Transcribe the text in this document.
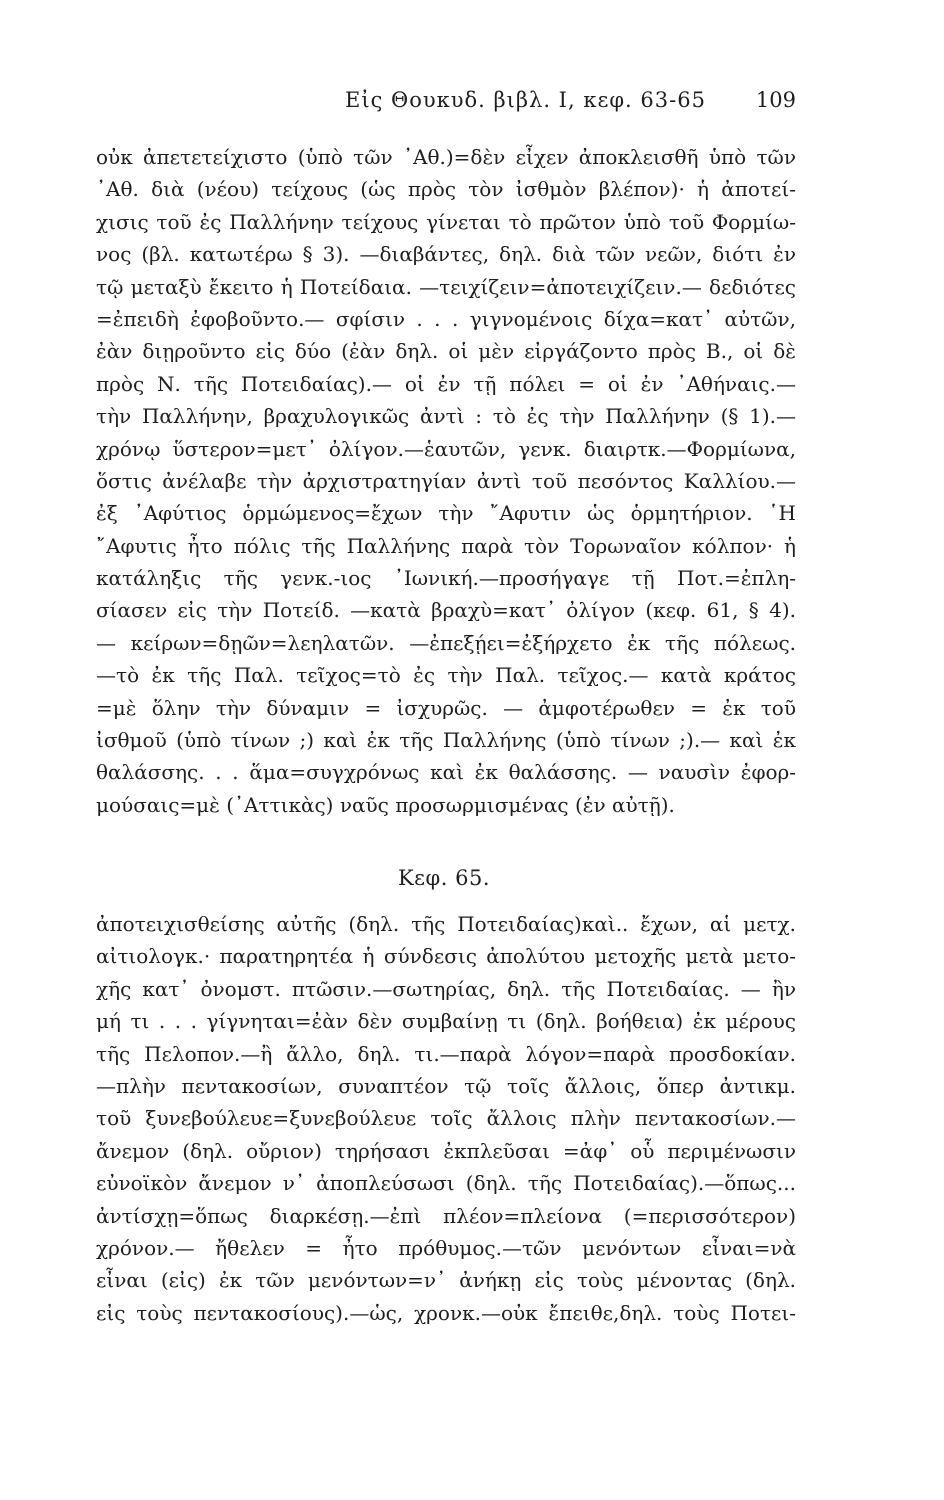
Εἰς Θουκυδ. βιβλ. Ι, κεφ. 63-65 109
οὐκ ἀπετετείχιστο (ὑπὸ τῶν ᾿Αθ.)=δὲν εἶχεν ἀποκλεισθῆ ὑπὸ τῶν
᾿Αθ. διὰ (νέου) τείχους (ὡς πρὸς τὸν ἰσθμὸν βλέπον)· ἡ ἀποτεί-
χισις τοῦ ἐς Παλλήνην τείχους γίνεται τὸ πρῶτον ὑπὸ τοῦ Φορμίω-
νος (βλ. κατωτέρω § 3). —διαβάντες, δηλ. διὰ τῶν νεῶν, διότι ἐν
τῷ μεταξὺ ἔκειτο ἡ Ποτείδαια. —τειχίζειν=ἀποτειχίζειν.— δεδιότες
=ἐπειδὴ ἐφοβοῦντο.— σφίσιν . . . γιγνομένοις δίχα=κατ᾿ αὐτῶν,
ἐὰν διῃροῦντο εἰς δύο (ἐὰν δηλ. οἱ μὲν εἰργάζοντο πρὸς Β., οἱ δὲ
πρὸς Ν. τῆς Ποτειδαίας).— οἱ ἐν τῇ πόλει = οἱ ἐν ᾿Αθήναις.—
τὴν Παλλήνην, βραχυλογικῶς ἀντὶ : τὸ ἐς τὴν Παλλήνην (§ 1).—
χρόνῳ ὕστερον=μετ᾿ ὀλίγον.—ἑαυτῶν, γενκ. διαιρτκ.—Φορμίωνα,
ὅστις ἀνέλαβε τὴν ἀρχιστρατηγίαν ἀντὶ τοῦ πεσόντος Καλλίου.—
ἐξ ᾿Αφύτιος ὁρμώμενος=ἔχων τὴν ῎Αφυτιν ὡς ὁρμητήριον. ῾Η
῎Αφυτις ἦτο πόλις τῆς Παλλήνης παρὰ τὸν Τορωναῖον κόλπον· ἡ
κατάληξις τῆς γενκ.-ιος ᾿Ιωνική.—προσήγαγε τῇ Ποτ.=ἐπλη-
σίασεν εἰς τὴν Ποτείδ. —κατὰ βραχὺ=κατ᾿ ὀλίγον (κεφ. 61, § 4).
— κείρων=δῃῶν=λεηλατῶν. —ἐπεξῄει=ἐξήρχετο ἐκ τῆς πόλεως.
—τὸ ἐκ τῆς Παλ. τεῖχος=τὸ ἐς τὴν Παλ. τεῖχος.— κατὰ κράτος
=μὲ ὅλην τὴν δύναμιν = ἰσχυρῶς. — ἀμφοτέρωθεν = ἐκ τοῦ
ἰσθμοῦ (ὑπὸ τίνων ;) καὶ ἐκ τῆς Παλλήνης (ὑπὸ τίνων ;).— καὶ ἐκ
θαλάσσης. . . ἅμα=συγχρόνως καὶ ἐκ θαλάσσης. — ναυσὶν ἐφορ-
μούσαις=μὲ (᾿Αττικὰς) ναῦς προσωρμισμένας (ἐν αὐτῇ).
Κεφ. 65.
ἀποτειχισθείσης αὐτῆς (δηλ. τῆς Ποτειδαίας)καὶ.. ἔχων, αἱ μετχ.
αἰτιολογκ.· παρατηρητέα ἡ σύνδεσις ἀπολύτου μετοχῆς μετὰ μετο-
χῆς κατ᾿ ὀνομστ. πτῶσιν.—σωτηρίας, δηλ. τῆς Ποτειδαίας. — ἢν
μή τι . . . γίγνηται=ἐὰν δὲν συμβαίνῃ τι (δηλ. βοήθεια) ἐκ μέρους
τῆς Πελοπον.—ἢ ἄλλο, δηλ. τι.—παρὰ λόγον=παρὰ προσδοκίαν.
—πλὴν πεντακοσίων, συναπτέον τῷ τοῖς ἄλλοις, ὅπερ ἀντικμ.
τοῦ ξυνεβούλευε=ξυνεβούλευε τοῖς ἄλλοις πλὴν πεντακοσίων.—
ἄνεμον (δηλ. οὔριον) τηρήσασι ἐκπλεῦσαι =ἀφ᾿ οὗ περιμένωσιν
εὐνοϊκὸν ἄνεμον ν᾿ ἀποπλεύσωσι (δηλ. τῆς Ποτειδαίας).—ὅπως...
ἀντίσχῃ=ὅπως διαρκέσῃ.—ἐπὶ πλέον=πλείονα (=περισσότερον)
χρόνον.— ἤθελεν = ἦτο πρόθυμος.—τῶν μενόντων εἶναι=νὰ
εἶναι (εἰς) ἐκ τῶν μενόντων=ν᾿ ἀνήκῃ εἰς τοὺς μένοντας (δηλ.
εἰς τοὺς πεντακοσίους).—ὡς, χρονκ.—οὐκ ἔπειθε,δηλ. τοὺς Ποτει-
